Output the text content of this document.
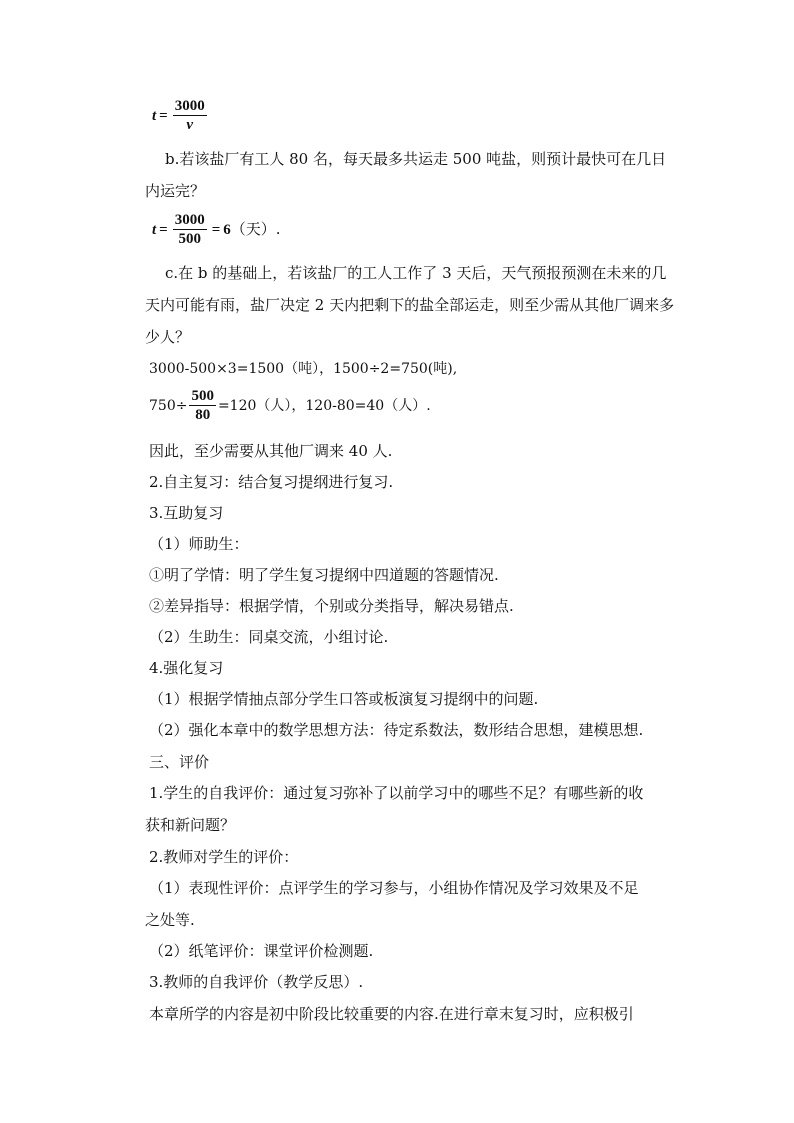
$t = \frac{3000}{v}$
b.若该盐厂有工人 80 名，每天最多共运走 500 吨盐，则预计最快可在几日
内运完？
$t = \frac{3000}{500} = 6$（天）.
c.在 b 的基础上，若该盐厂的工人工作了 3 天后，天气预报预测在未来的几
天内可能有雨，盐厂决定 2 天内把剩下的盐全部运走，则至少需从其他厂调来多
少人？
3000-500×3=1500（吨），1500÷2=750(吨),
$750\div \frac{500}{80} =120$（人），120-80=40（人）.
因此，至少需要从其他厂调来 40 人.
2.自主复习：结合复习提纲进行复习.
3.互助复习
（1）师助生：
①明了学情：明了学生复习提纲中四道题的答题情况.
②差异指导：根据学情，个别或分类指导，解决易错点.
（2）生助生：同桌交流，小组讨论.
4.强化复习
（1）根据学情抽点部分学生口答或板演复习提纲中的问题.
（2）强化本章中的数学思想方法：待定系数法，数形结合思想，建模思想.
三、评价
1.学生的自我评价：通过复习弥补了以前学习中的哪些不足？有哪些新的收
获和新问题？
2.教师对学生的评价：
（1）表现性评价：点评学生的学习参与，小组协作情况及学习效果及不足
之处等.
（2）纸笔评价：课堂评价检测题.
3.教师的自我评价（教学反思）.
本章所学的内容是初中阶段比较重要的内容.在进行章末复习时，应积极引
